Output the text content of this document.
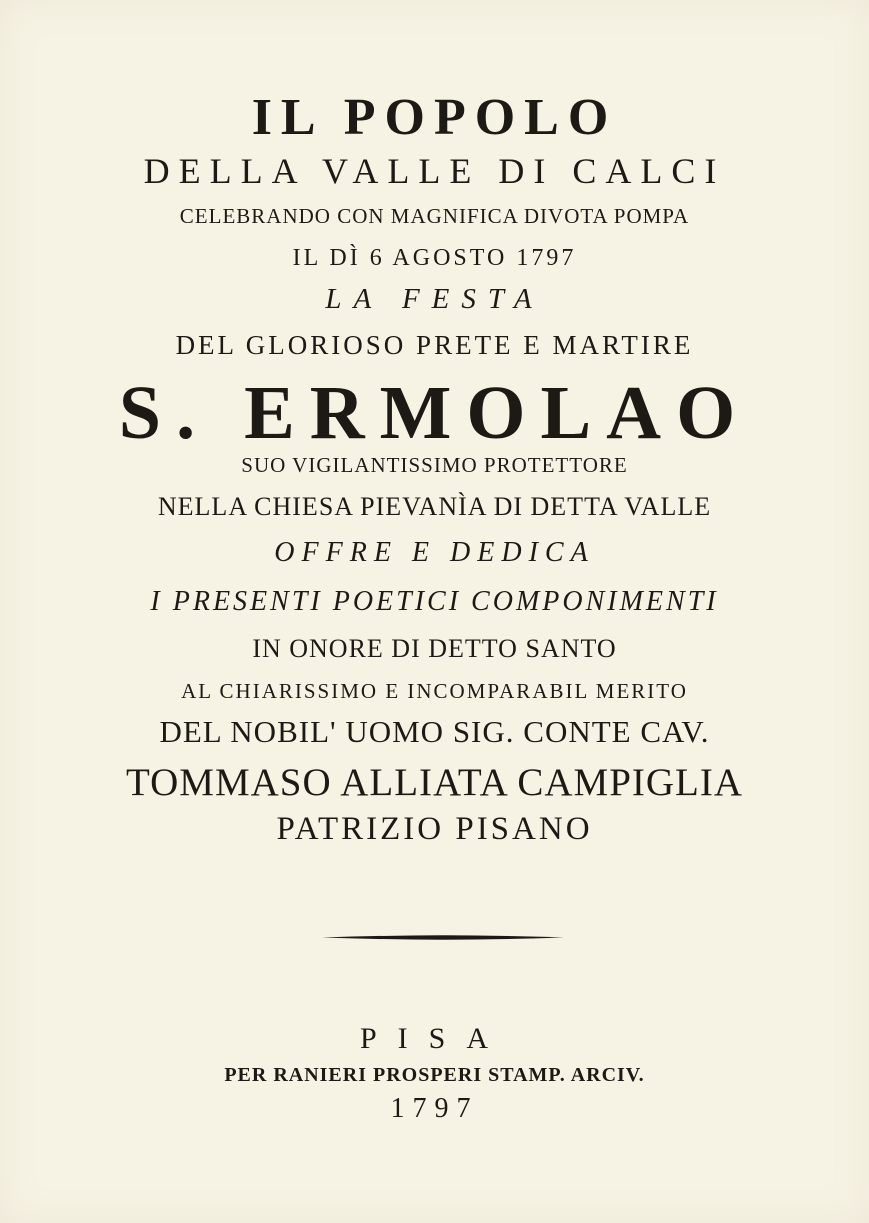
IL POPOLO
DELLA VALLE DI CALCI
CELEBRANDO CON MAGNIFICA DIVOTA POMPA
IL DÌ 6 AGOSTO 1797
LA FESTA
DEL GLORIOSO PRETE E MARTIRE
S. ERMOLAO
SUO VIGILANTISSIMO PROTETTORE
NELLA CHIESA PIEVANÌA DI DETTA VALLE
OFFRE E DEDICA
I PRESENTI POETICI COMPONIMENTI
IN ONORE DI DETTO SANTO
AL CHIARISSIMO E INCOMPARABIL MERITO
DEL NOBIL' UOMO SIG. CONTE CAV.
TOMMASO ALLIATA CAMPIGLIA
PATRIZIO PISANO
PISA
PER RANIERI PROSPERI STAMP. ARCIV.
1797
